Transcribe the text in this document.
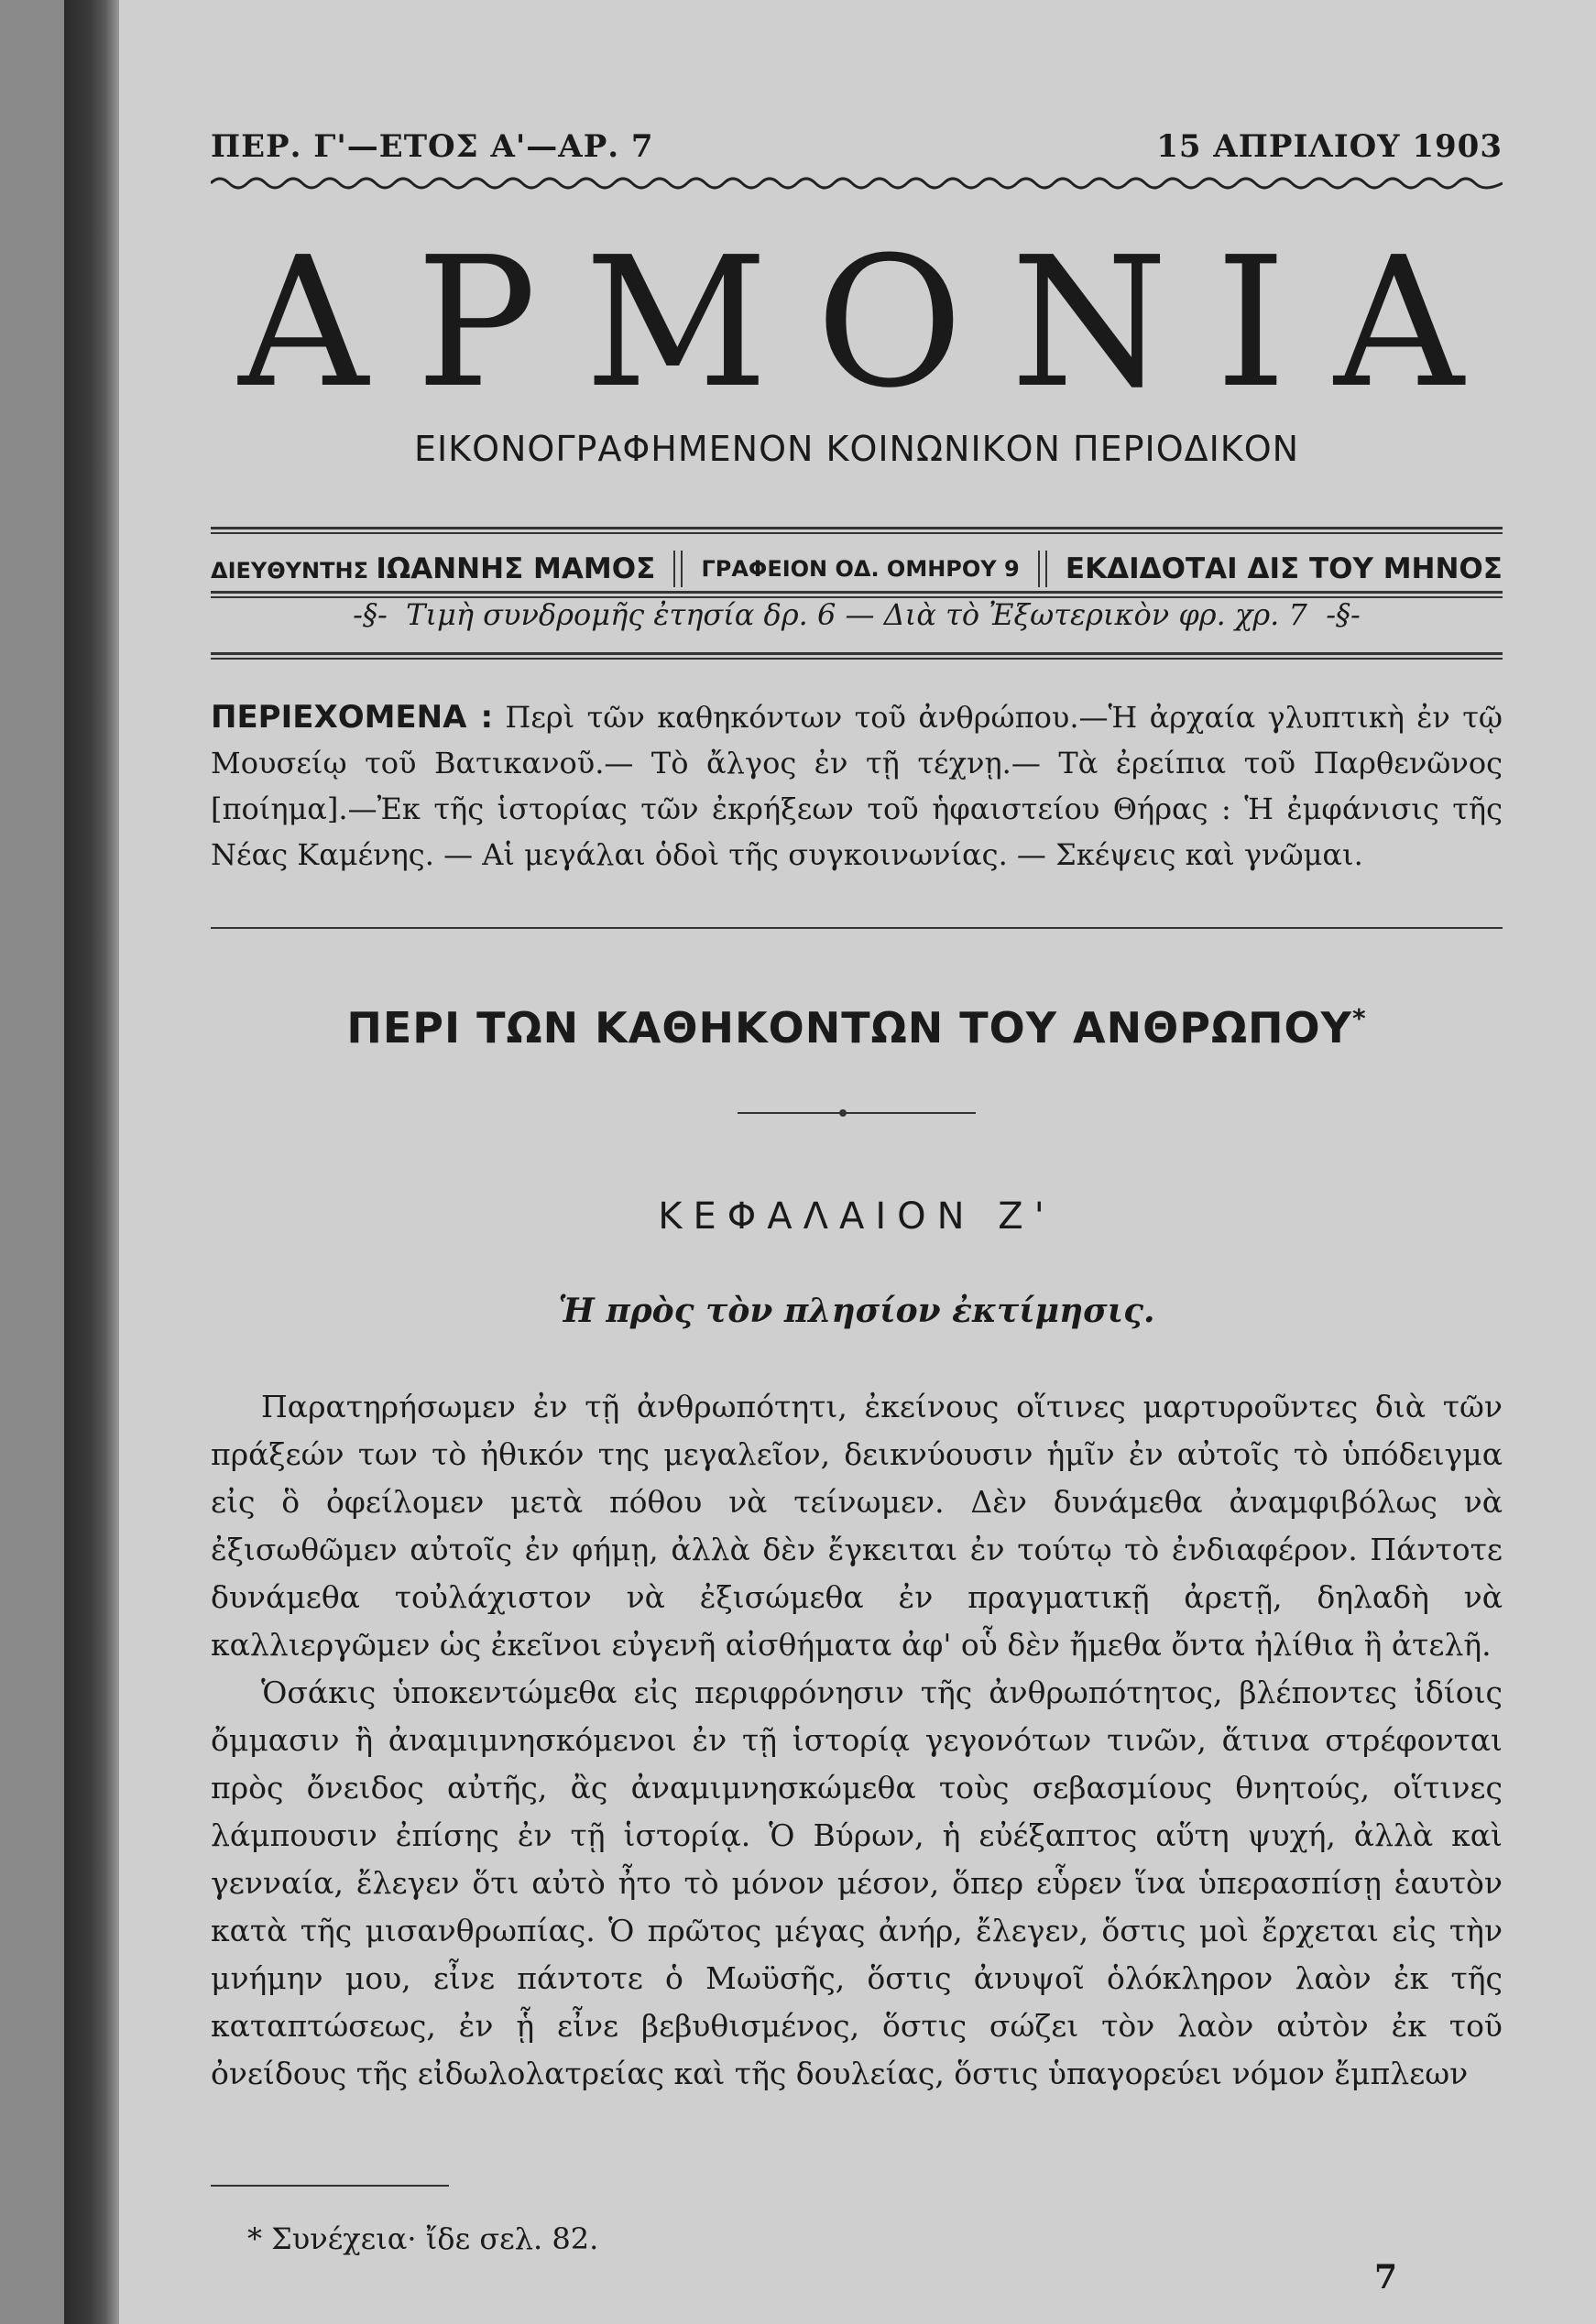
ΠΕΡ. Γ'—ΕΤΟΣ Α'—ΑΡ. 7	15 ΑΠΡΙΛΙΟΥ 1903
ΑΡΜΟΝΙΑ
ΕΙΚΟΝΟΓΡΑΦΗΜΕΝΟΝ ΚΟΙΝΩΝΙΚΟΝ ΠΕΡΙΟΔΙΚΟΝ
ΔΙΕΥΘΥΝΤΗΣ ΙΩΑΝΝΗΣ ΜΑΜΟΣ ΓΡΑΦΕΙΟΝ ΟΔ. ΟΜΗΡΟΥ 9 ΕΚΔΙΔΟΤΑΙ ΔΙΣ ΤΟΥ ΜΗΝΟΣ
-§-  Τιμὴ συνδρομῆς ἐτησία δρ. 6 — Διὰ τὸ Ἐξωτερικὸν φρ. χρ. 7  -§-
ΠΕΡΙΕΧΟΜΕΝΑ : Περὶ τῶν καθηκόντων τοῦ ἀνθρώπου.—Ἡ ἀρχαία γλυπτικὴ ἐν τῷ Μουσείῳ τοῦ Βατικανοῦ.— Τὸ ἄλγος ἐν τῇ τέχνῃ.— Τὰ ἐρείπια τοῦ Παρθενῶνος [ποίημα].—Ἐκ τῆς ἱστορίας τῶν ἐκρήξεων τοῦ ἡφαιστείου Θήρας : Ἡ ἐμφάνισις τῆς Νέας Καμένης. — Αἱ μεγάλαι ὁδοὶ τῆς συγκοινωνίας. — Σκέψεις καὶ γνῶμαι.
ΠΕΡΙ ΤΩΝ ΚΑΘΗΚΟΝΤΩΝ ΤΟΥ ΑΝΘΡΩΠΟΥ*
ΚΕΦΑΛΑΙΟΝ Ζ'
Ἡ πρὸς τὸν πλησίον ἐκτίμησις.

Παρατηρήσωμεν ἐν τῇ ἀνθρωπότητι, ἐκείνους οἵτινες μαρτυροῦντες διὰ τῶν πράξεών των τὸ ἠθικόν της μεγαλεῖον, δεικνύουσιν ἡμῖν ἐν αὐτοῖς τὸ ὑπόδειγμα εἰς ὃ ὀφείλομεν μετὰ πόθου νὰ τείνωμεν. Δὲν δυνάμεθα ἀναμφιβόλως νὰ ἐξισωθῶμεν αὐτοῖς ἐν φήμῃ, ἀλλὰ δὲν ἔγκειται ἐν τούτῳ τὸ ἐνδιαφέρον. Πάντοτε δυνάμεθα τοὐλάχιστον νὰ ἐξισώμεθα ἐν πραγματικῇ ἀρετῇ, δηλαδὴ νὰ καλλιεργῶμεν ὡς ἐκεῖνοι εὐγενῆ αἰσθήματα ἀφ' οὗ δὲν ἤμεθα ὄντα ἠλίθια ἢ ἀτελῆ.

Ὁσάκις ὑποκεντώμεθα εἰς περιφρόνησιν τῆς ἀνθρωπότητος, βλέποντες ἰδίοις ὄμμασιν ἢ ἀναμιμνησκόμενοι ἐν τῇ ἱστορίᾳ γεγονότων τινῶν, ἅτινα στρέφονται πρὸς ὄνειδος αὐτῆς, ἂς ἀναμιμνησκώμεθα τοὺς σεβασμίους θνητούς, οἵτινες λάμπουσιν ἐπίσης ἐν τῇ ἱστορίᾳ. Ὁ Βύρων, ἡ εὐέξαπτος αὕτη ψυχή, ἀλλὰ καὶ γενναία, ἔλεγεν ὅτι αὐτὸ ἦτο τὸ μόνον μέσον, ὅπερ εὗρεν ἵνα ὑπερασπίσῃ ἑαυτὸν κατὰ τῆς μισανθρωπίας. Ὁ πρῶτος μέγας ἀνήρ, ἔλεγεν, ὅστις μοὶ ἔρχεται εἰς τὴν μνήμην μου, εἶνε πάντοτε ὁ Μωϋσῆς, ὅστις ἀνυψοῖ ὁλόκληρον λαὸν ἐκ τῆς καταπτώσεως, ἐν ᾗ εἶνε βεβυθισμένος, ὅστις σώζει τὸν λαὸν αὐτὸν ἐκ τοῦ ὀνείδους τῆς εἰδωλολατρείας καὶ τῆς δουλείας, ὅστις ὑπαγορεύει νόμον ἔμπλεων

* Συνέχεια· ἴδε σελ. 82.
7
